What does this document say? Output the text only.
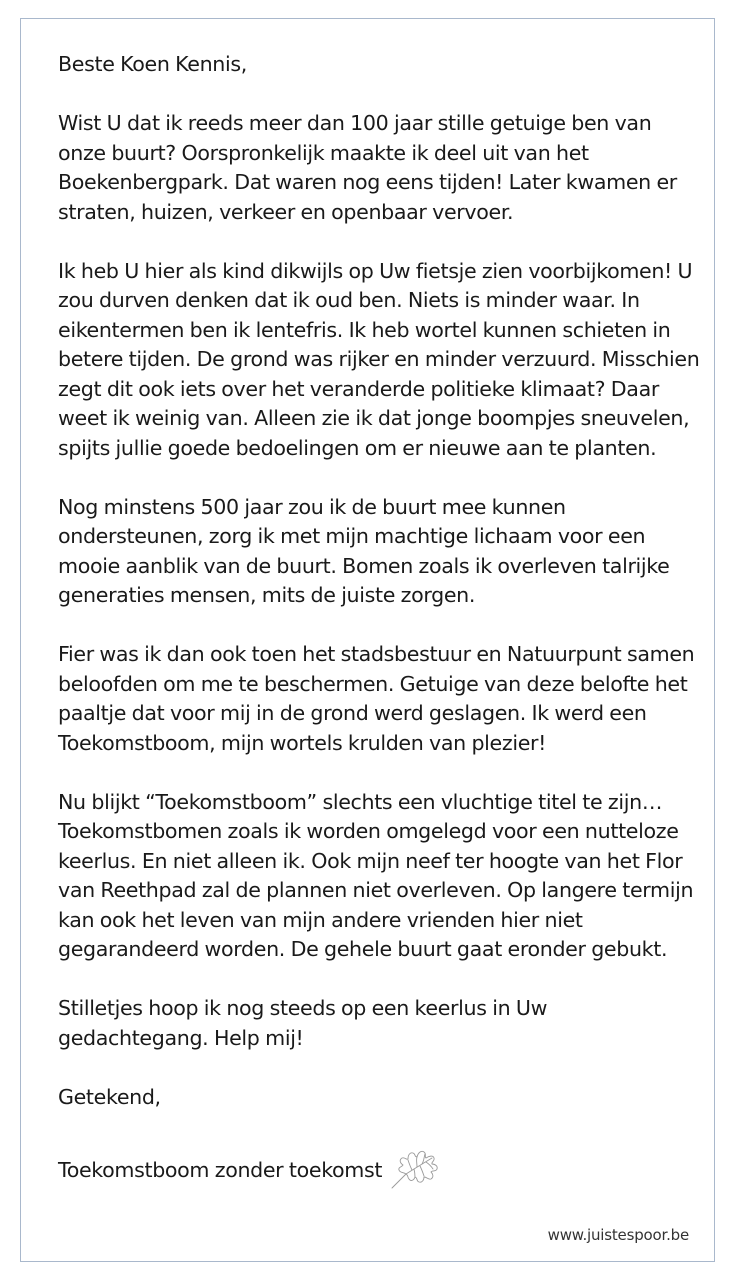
Beste Koen Kennis,

Wist U dat ik reeds meer dan 100 jaar stille getuige ben van onze buurt? Oorspronkelijk maakte ik deel uit van het Boekenbergpark. Dat waren nog eens tijden! Later kwamen er straten, huizen, verkeer en openbaar vervoer.

Ik heb U hier als kind dikwijls op Uw fietsje zien voorbijkomen! U zou durven denken dat ik oud ben. Niets is minder waar. In eikentermen ben ik lentefris. Ik heb wortel kunnen schieten in betere tijden. De grond was rijker en minder verzuurd. Misschien zegt dit ook iets over het veranderde politieke klimaat? Daar weet ik weinig van. Alleen zie ik dat jonge boompjes sneuvelen, spijts jullie goede bedoelingen om er nieuwe aan te planten.

Nog minstens 500 jaar zou ik de buurt mee kunnen ondersteunen, zorg ik met mijn machtige lichaam voor een mooie aanblik van de buurt. Bomen zoals ik overleven talrijke generaties mensen, mits de juiste zorgen.

Fier was ik dan ook toen het stadsbestuur en Natuurpunt samen beloofden om me te beschermen. Getuige van deze belofte het paaltje dat voor mij in de grond werd geslagen. Ik werd een Toekomstboom, mijn wortels krulden van plezier!

Nu blijkt “Toekomstboom” slechts een vluchtige titel te zijn… Toekomstbomen zoals ik worden omgelegd voor een nutteloze keerlus. En niet alleen ik. Ook mijn neef ter hoogte van het Flor van Reethpad zal de plannen niet overleven. Op langere termijn kan ook het leven van mijn andere vrienden hier niet gegarandeerd worden. De gehele buurt gaat eronder gebukt.

Stilletjes hoop ik nog steeds op een keerlus in Uw gedachtegang. Help mij!

Getekend,

Toekomstboom zonder toekomst
www.juistespoor.be
